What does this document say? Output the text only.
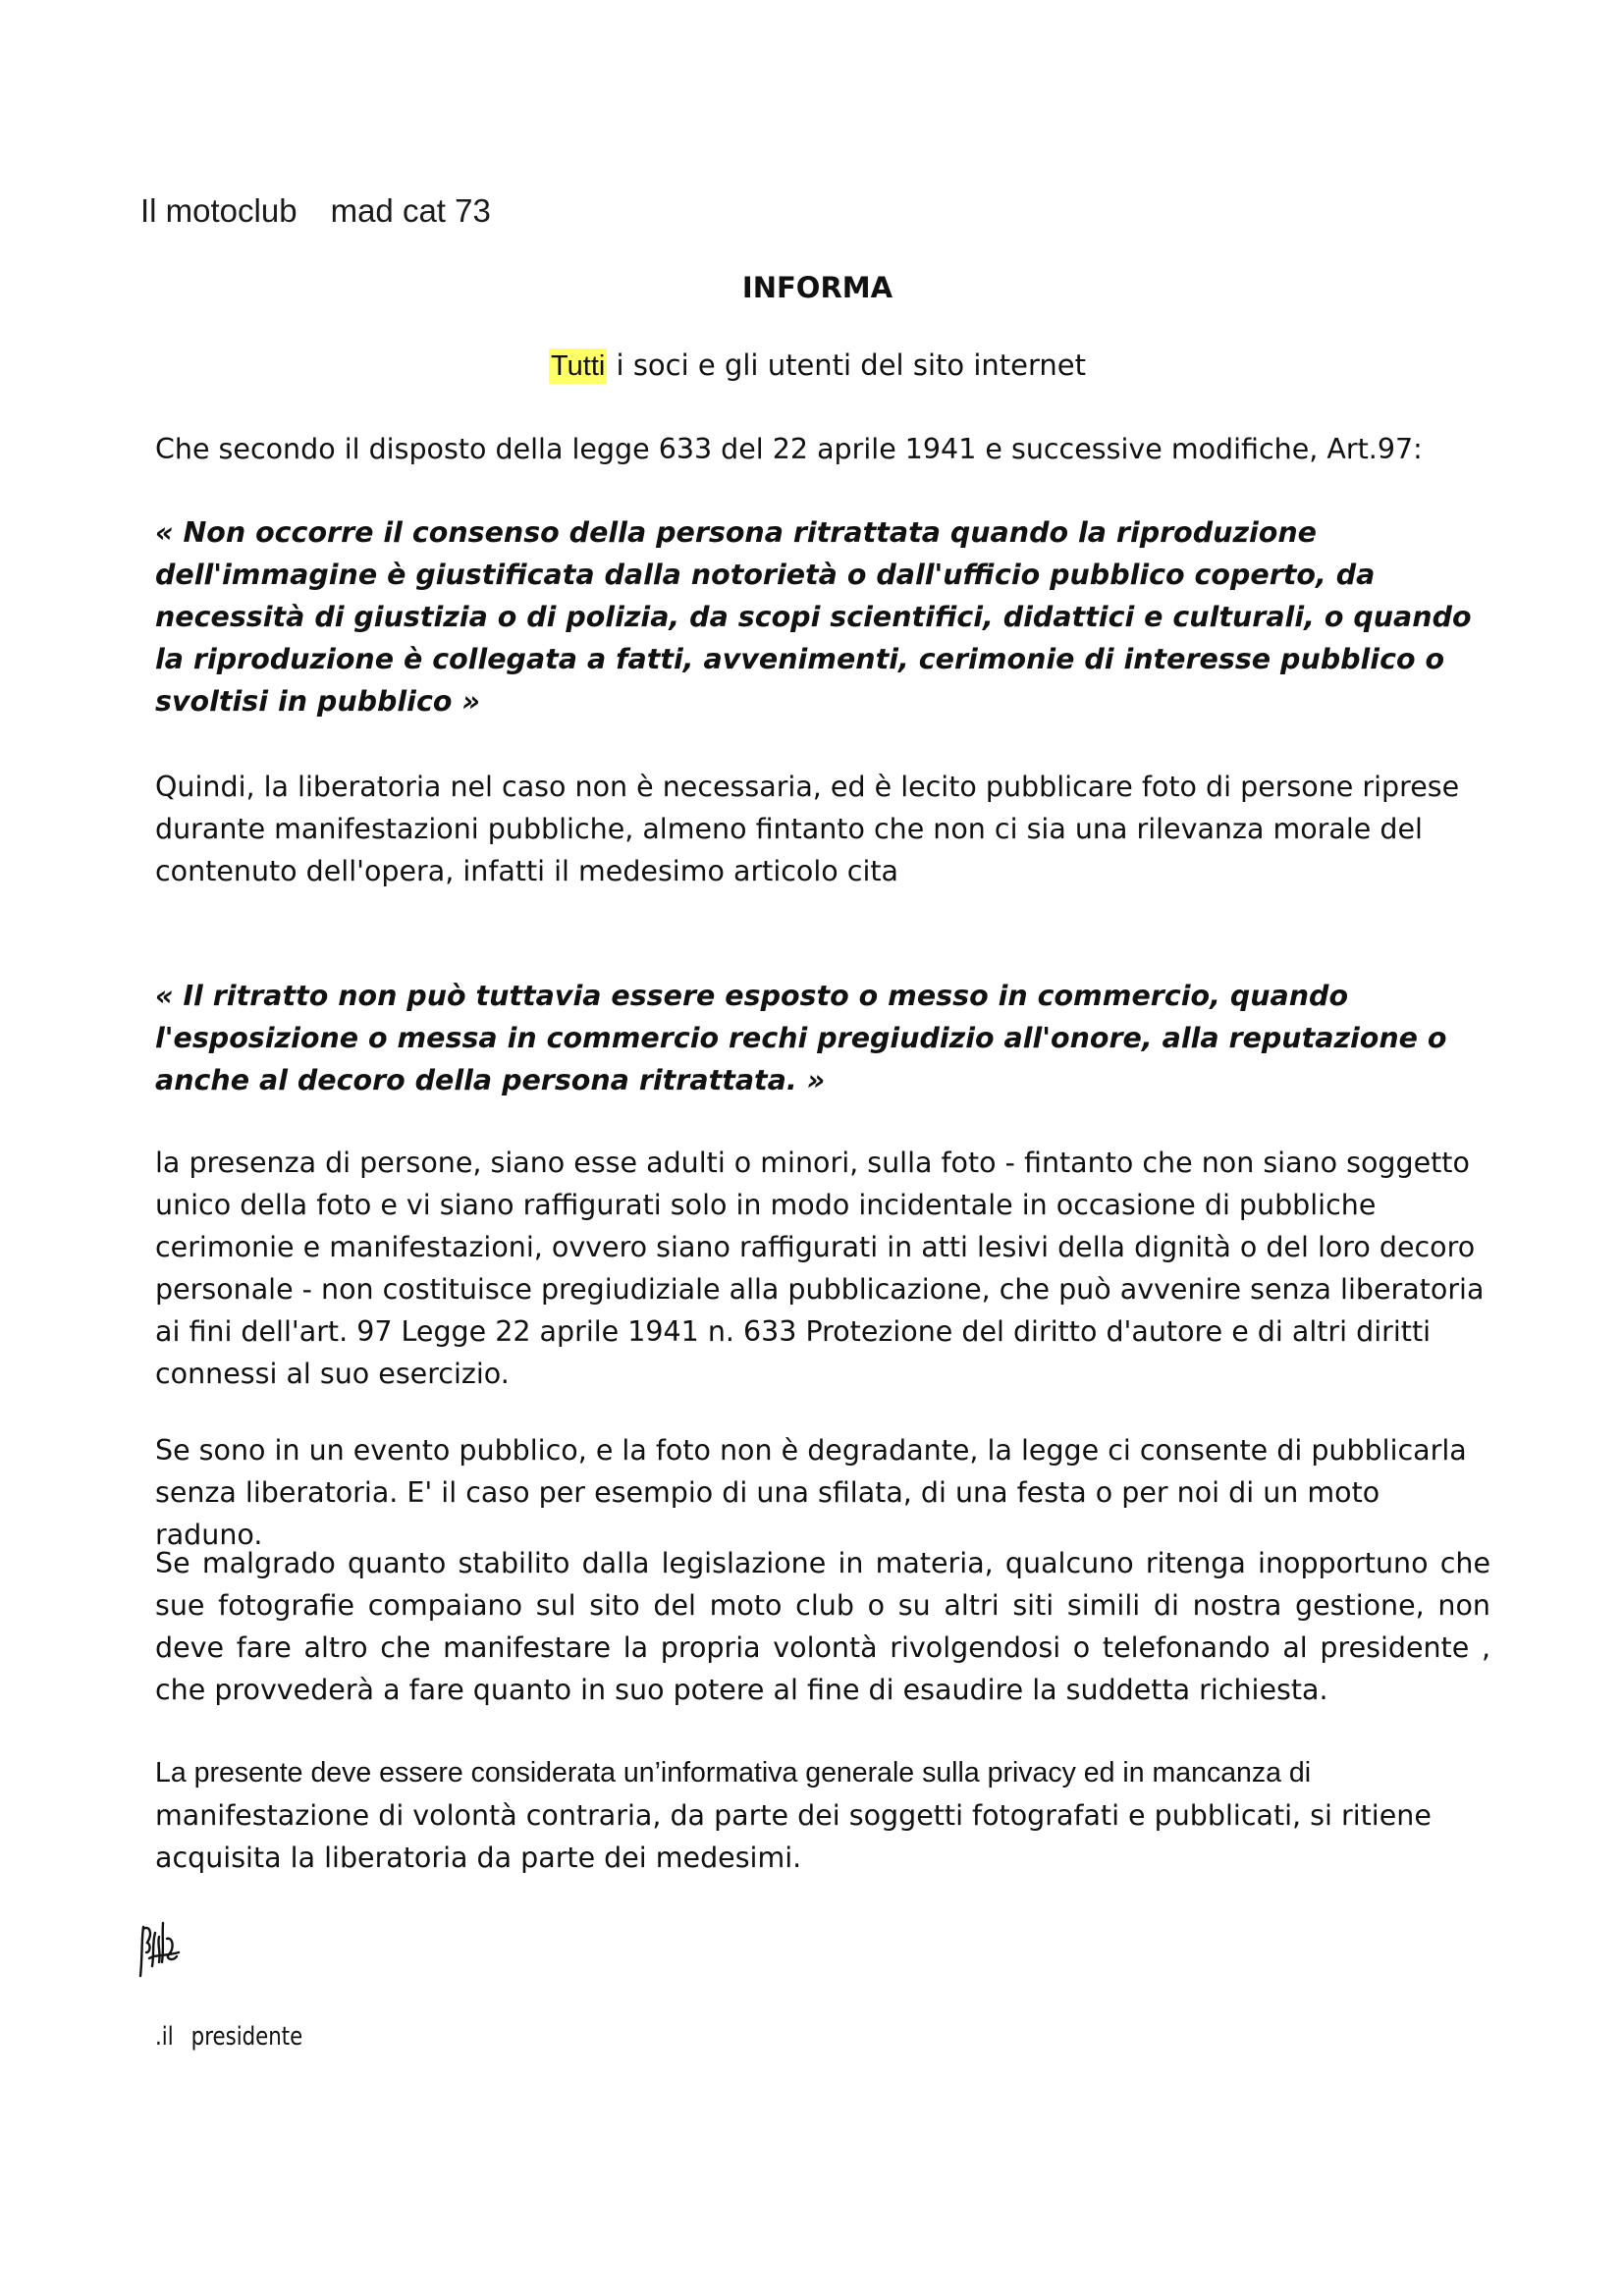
Il motoclub mad cat 73
INFORMA
Tutti i soci e gli utenti del sito internet
Che secondo il disposto della legge 633 del 22 aprile 1941 e successive modifiche, Art.97:
« Non occorre il consenso della persona ritrattata quando la riproduzione dell'immagine è giustificata dalla notorietà o dall'ufficio pubblico coperto, da necessità di giustizia o di polizia, da scopi scientifici, didattici e culturali, o quando la riproduzione è collegata a fatti, avvenimenti, cerimonie di interesse pubblico o svoltisi in pubblico »
Quindi, la liberatoria nel caso non è necessaria, ed è lecito pubblicare foto di persone riprese durante manifestazioni pubbliche, almeno fintanto che non ci sia una rilevanza morale del contenuto dell'opera, infatti il medesimo articolo cita
« Il ritratto non può tuttavia essere esposto o messo in commercio, quando l'esposizione o messa in commercio rechi pregiudizio all'onore, alla reputazione o anche al decoro della persona ritrattata. »
la presenza di persone, siano esse adulti o minori, sulla foto - fintanto che non siano soggetto unico della foto e vi siano raffigurati solo in modo incidentale in occasione di pubbliche cerimonie e manifestazioni, ovvero siano raffigurati in atti lesivi della dignità o del loro decoro personale - non costituisce pregiudiziale alla pubblicazione, che può avvenire senza liberatoria ai fini dell'art. 97 Legge 22 aprile 1941 n. 633 Protezione del diritto d'autore e di altri diritti connessi al suo esercizio.
Se sono in un evento pubblico, e la foto non è degradante, la legge ci consente di pubblicarla senza liberatoria. E' il caso per esempio di una sfilata, di una festa o per noi di un moto raduno.
Se malgrado quanto stabilito dalla legislazione in materia, qualcuno ritenga inopportuno che sue fotografie compaiano sul sito del moto club o su altri siti simili di nostra gestione, non deve fare altro che manifestare la propria volontà rivolgendosi o telefonando al presidente , che provvederà a fare quanto in suo potere al fine di esaudire la suddetta richiesta.
La presente deve essere considerata un’informativa generale sulla privacy ed in mancanza di manifestazione di volontà contraria, da parte dei soggetti fotografati e pubblicati, si ritiene acquisita la liberatoria da parte dei medesimi.
.il presidente
